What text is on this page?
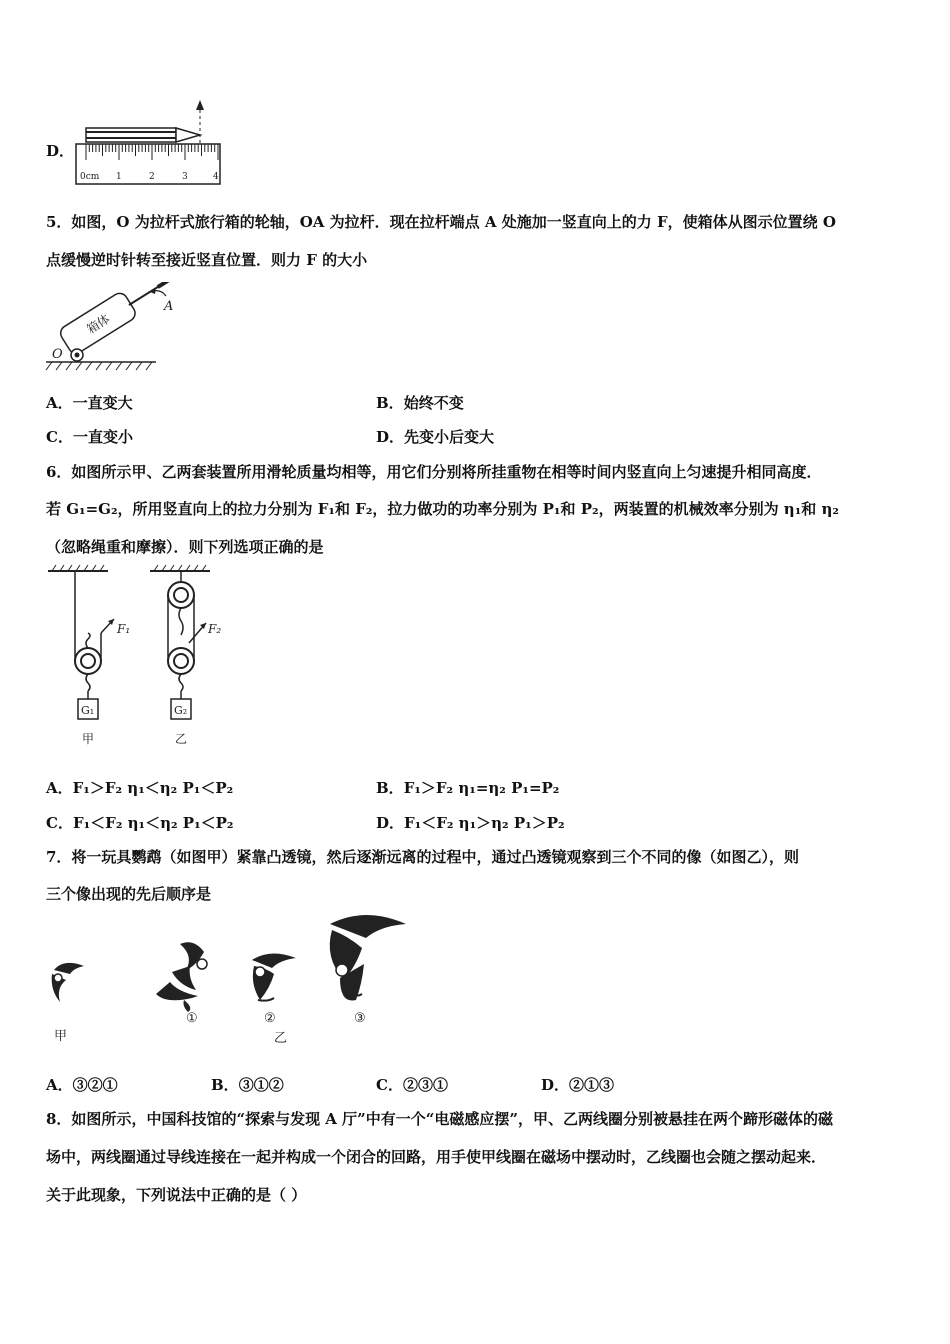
D．
0cm 1	2	3	4
5．如图，O 为拉杆式旅行箱的轮轴，OA 为拉杆．现在拉杆端点 A 处施加一竖直向上的力 F，使箱体从图示位置绕 O
点缓慢逆时针转至接近竖直位置．则力 F 的大小
箱体
O
A
A．一直变大	B．始终不变
C．一直变小	D．先变小后变大
6．如图所示甲、乙两套装置所用滑轮质量均相等，用它们分别将所挂重物在相等时间内竖直向上匀速提升相同高度．
若 G₁=G₂，所用竖直向上的拉力分别为 F₁和 F₂，拉力做功的功率分别为 P₁和 P₂，两装置的机械效率分别为 η₁和 η₂
（忽略绳重和摩擦）．则下列选项正确的是
F₁	F₂
G₁	G₂
甲	乙
A．F₁＞F₂ η₁＜η₂ P₁＜P₂	B．F₁＞F₂ η₁=η₂ P₁=P₂
C．F₁＜F₂ η₁＜η₂ P₁＜P₂	D．F₁＜F₂ η₁＞η₂ P₁＞P₂
7．将一玩具鹦鹉（如图甲）紧靠凸透镜，然后逐渐远离的过程中，通过凸透镜观察到三个不同的像（如图乙），则
三个像出现的先后顺序是
甲
①	②	③
乙
A．③②①	B．③①②	C．②③①	D．②①③
8．如图所示，中国科技馆的“探索与发现 A 厅”中有一个“电磁感应摆”，甲、乙两线圈分别被悬挂在两个蹄形磁体的磁
场中，两线圈通过导线连接在一起并构成一个闭合的回路，用手使甲线圈在磁场中摆动时，乙线圈也会随之摆动起来．
关于此现象，下列说法中正确的是（ ）
